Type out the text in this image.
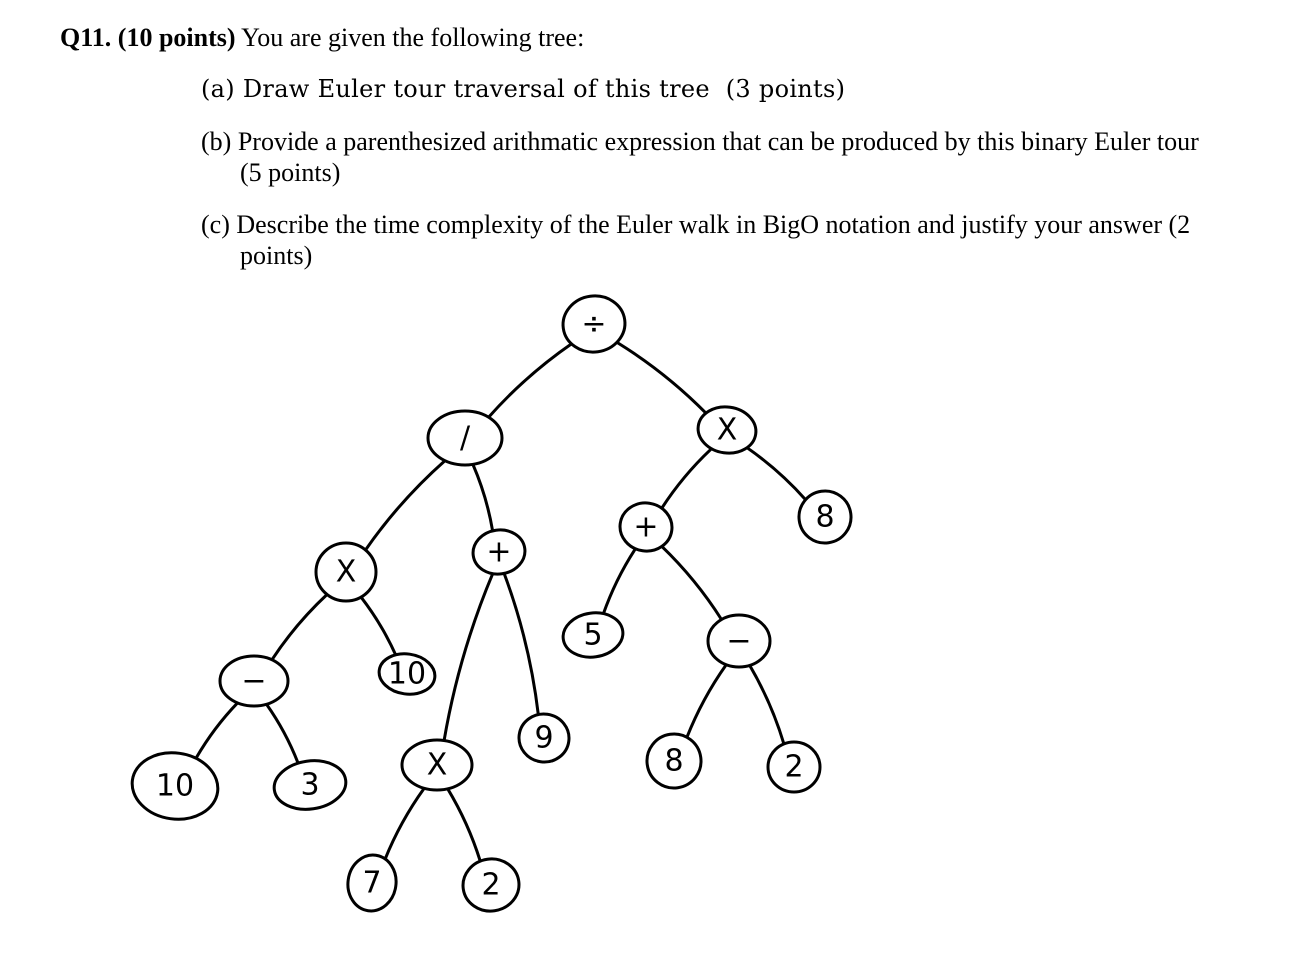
Q11. (10 points) You are given the following tree:
(a) Draw Euler tour traversal of this tree (3 points)
(b) Provide a parenthesized arithmatic expression that can be produced by this binary Euler tour
(5 points)
(c) Describe the time complexity of the Euler walk in BigO notation and justify your answer (2
points)
÷
/	X
+
X
+	8
−	10
5	−
10	3
X
9
8	2
7	2
